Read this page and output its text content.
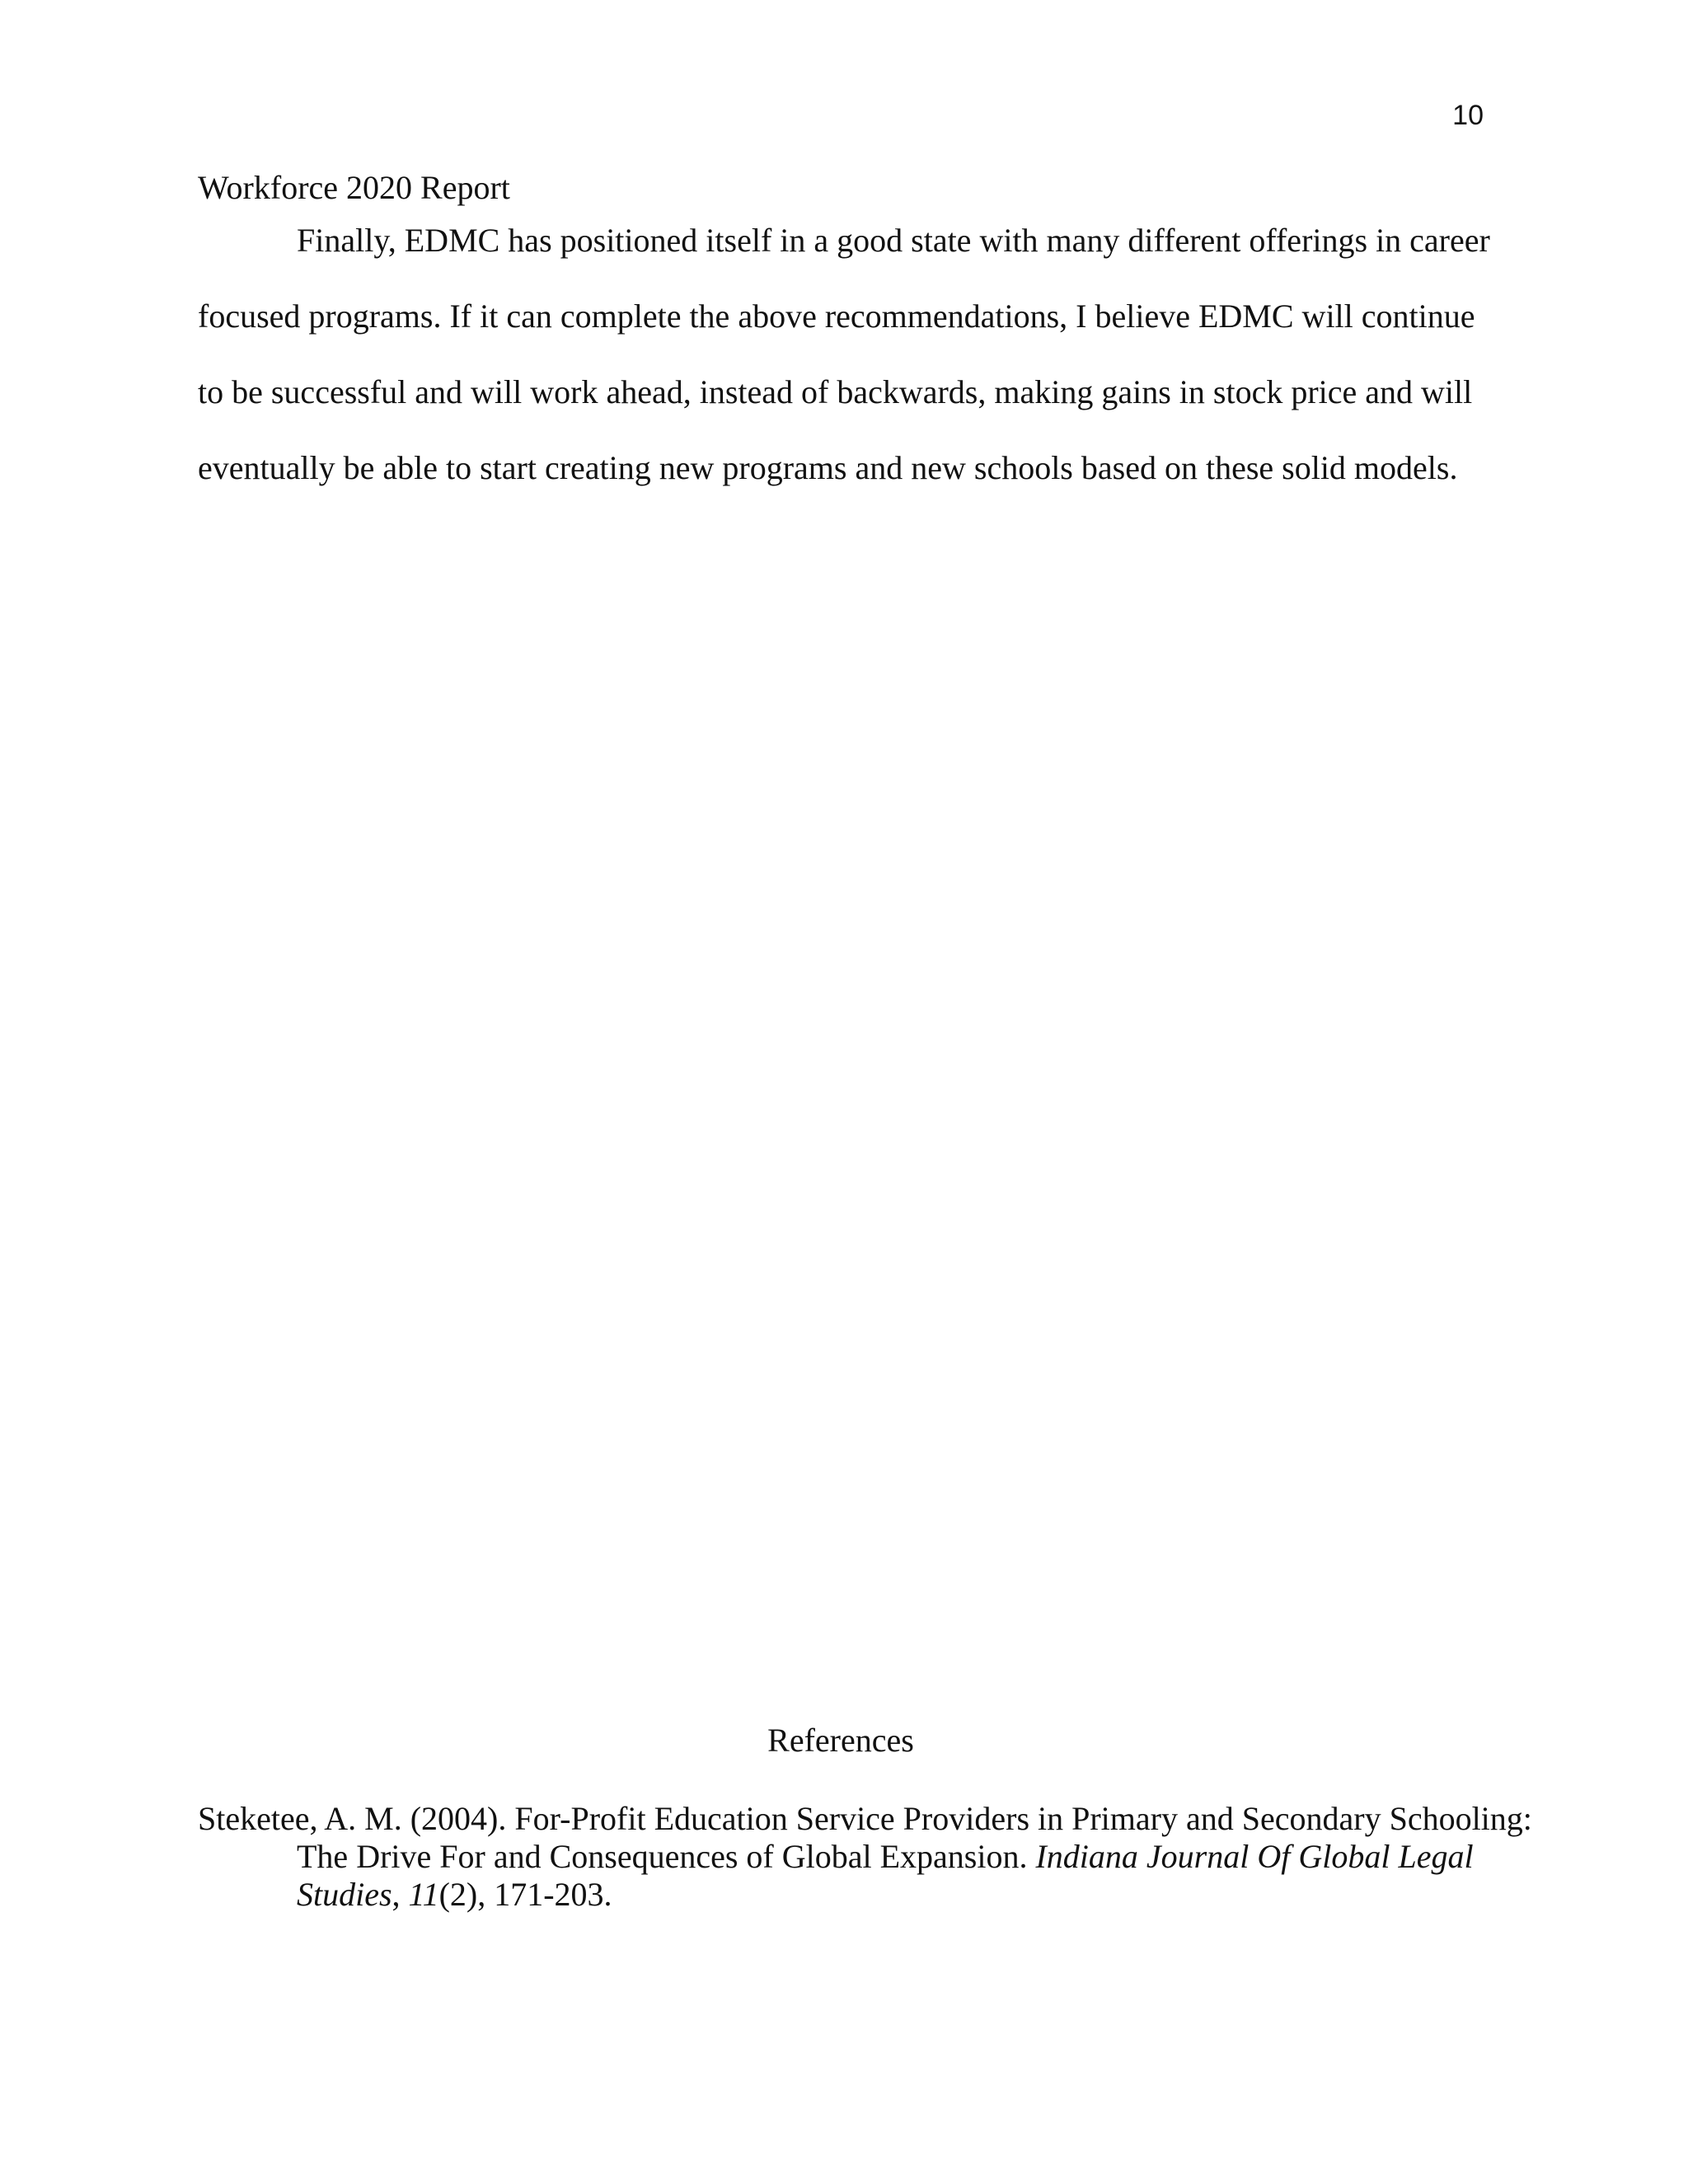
10
Workforce 2020 Report

Finally, EDMC has positioned itself in a good state with many different offerings in career focused programs. If it can complete the above recommendations, I believe EDMC will continue to be successful and will work ahead, instead of backwards, making gains in stock price and will eventually be able to start creating new programs and new schools based on these solid models.

References

Steketee, A. M. (2004). For-Profit Education Service Providers in Primary and Secondary Schooling: The Drive For and Consequences of Global Expansion. Indiana Journal Of Global Legal Studies, 11(2), 171-203.
